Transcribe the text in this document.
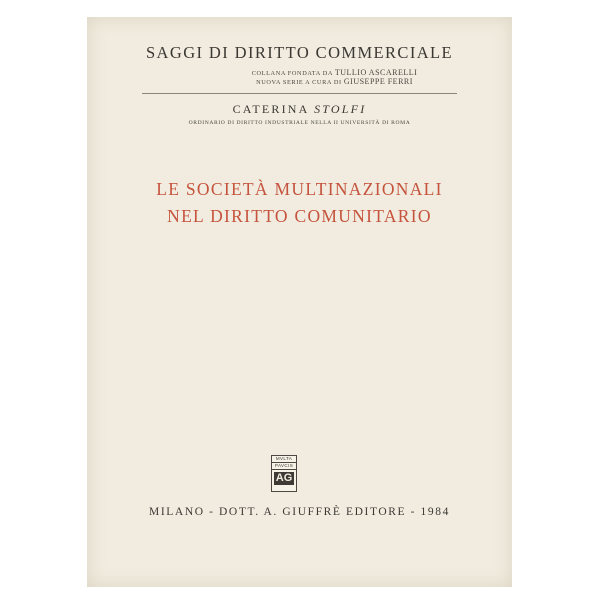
SAGGI DI DIRITTO COMMERCIALE
COLLANA FONDATA DA TULLIO ASCARELLI
NUOVA SERIE A CURA DI GIUSEPPE FERRI
CATERINA STOLFI
ORDINARIO DI DIRITTO INDUSTRIALE NELLA II UNIVERSITÀ DI ROMA
LE SOCIETÀ MULTINAZIONALI
NEL DIRITTO COMUNITARIO
MVLTA
PAVCIS
AG
MILANO - DOTT. A. GIUFFRÈ EDITORE - 1984
